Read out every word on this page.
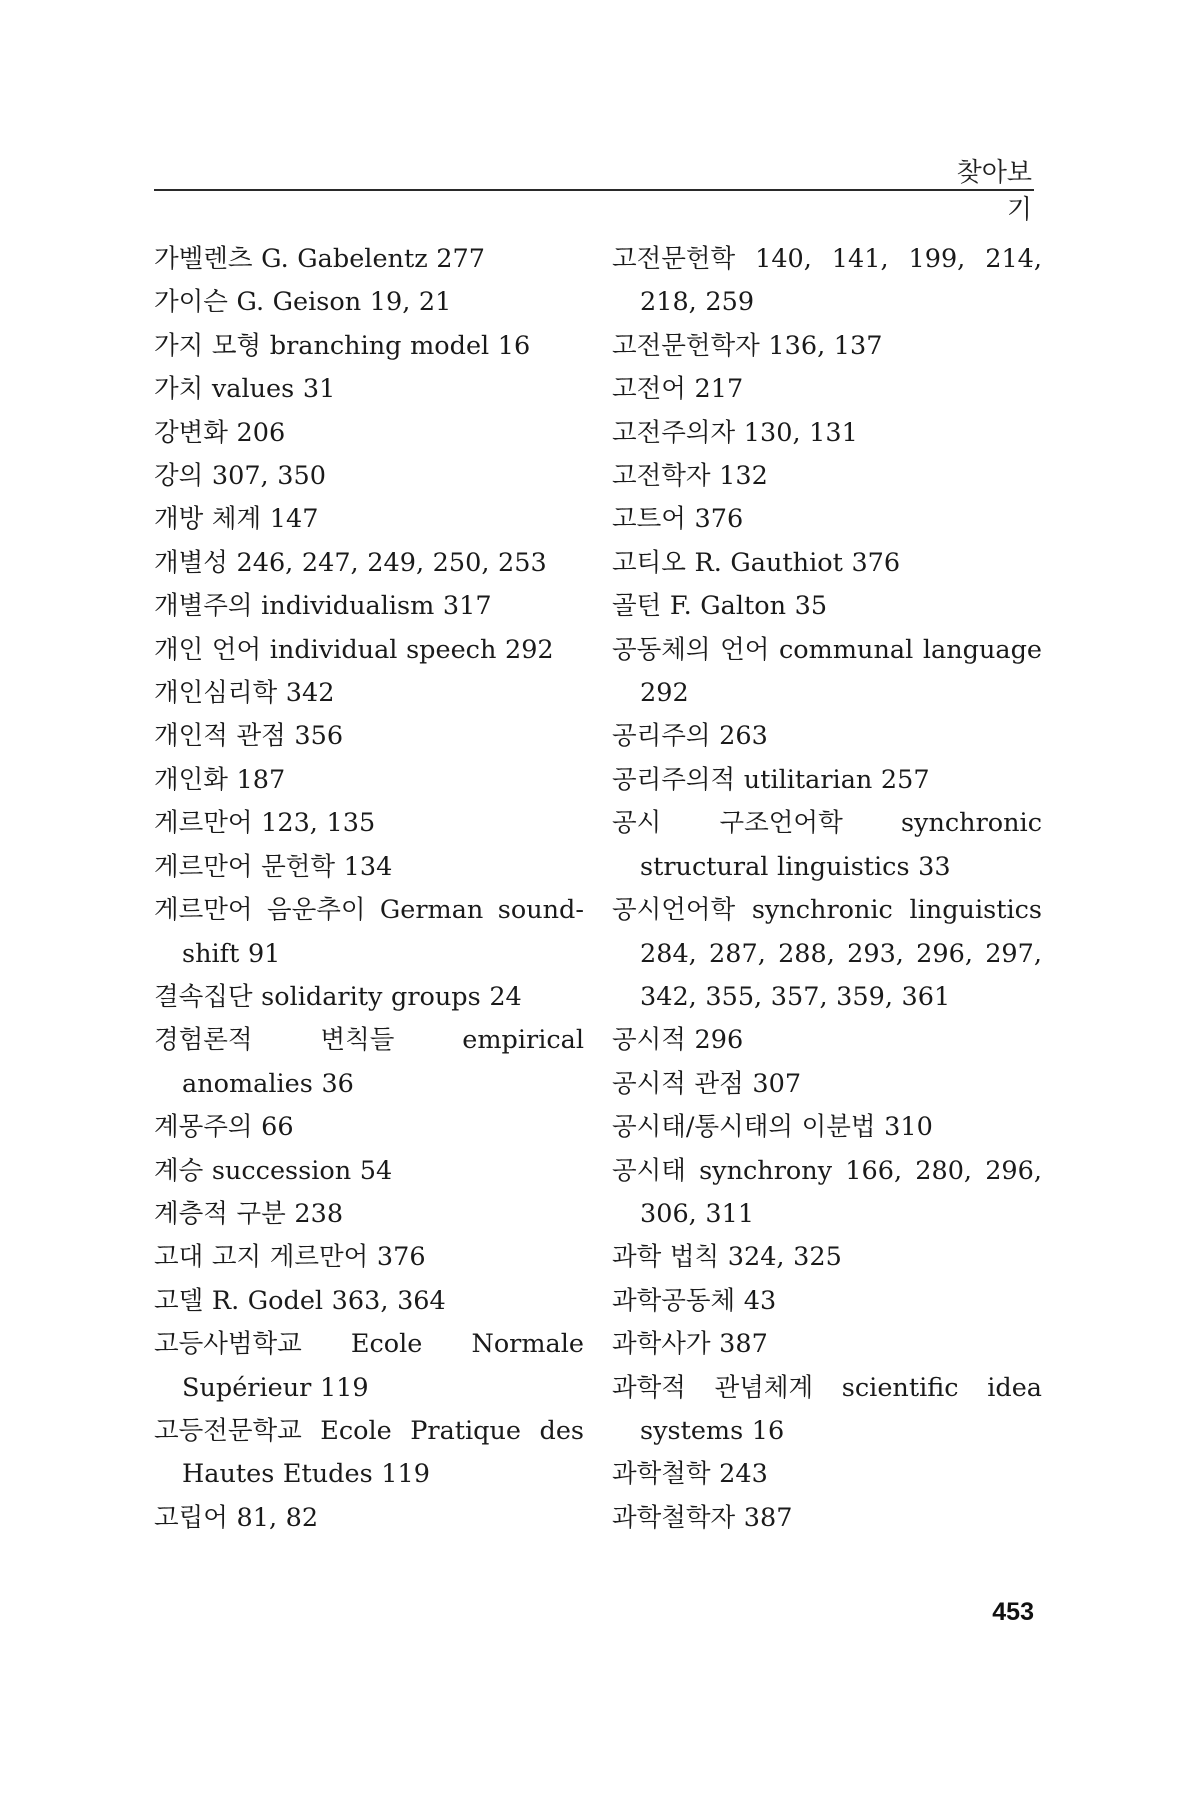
찾아보기
가벨렌츠 G. Gabelentz 277
가이슨 G. Geison 19, 21
가지 모형 branching model 16
가치 values 31
강변화 206
강의 307, 350
개방 체계 147
개별성 246, 247, 249, 250, 253
개별주의 individualism 317
개인 언어 individual speech 292
개인심리학 342
개인적 관점 356
개인화 187
게르만어 123, 135
게르만어 문헌학 134
게르만어 음운추이 German sound-shift 91
결속집단 solidarity groups 24
경험론적 변칙들 empirical anomalies 36
계몽주의 66
계승 succession 54
계층적 구분 238
고대 고지 게르만어 376
고델 R. Godel 363, 364
고등사범학교 Ecole Normale Supérieur 119
고등전문학교 Ecole Pratique des Hautes Etudes 119
고립어 81, 82
고전문헌학 140, 141, 199, 214, 218, 259
고전문헌학자 136, 137
고전어 217
고전주의자 130, 131
고전학자 132
고트어 376
고티오 R. Gauthiot 376
골턴 F. Galton 35
공동체의 언어 communal language 292
공리주의 263
공리주의적 utilitarian 257
공시 구조언어학 synchronic structural linguistics 33
공시언어학 synchronic linguistics 284, 287, 288, 293, 296, 297, 342, 355, 357, 359, 361
공시적 296
공시적 관점 307
공시태/통시태의 이분법 310
공시태 synchrony 166, 280, 296, 306, 311
과학 법칙 324, 325
과학공동체 43
과학사가 387
과학적 관념체계 scientific idea systems 16
과학철학 243
과학철학자 387
453
